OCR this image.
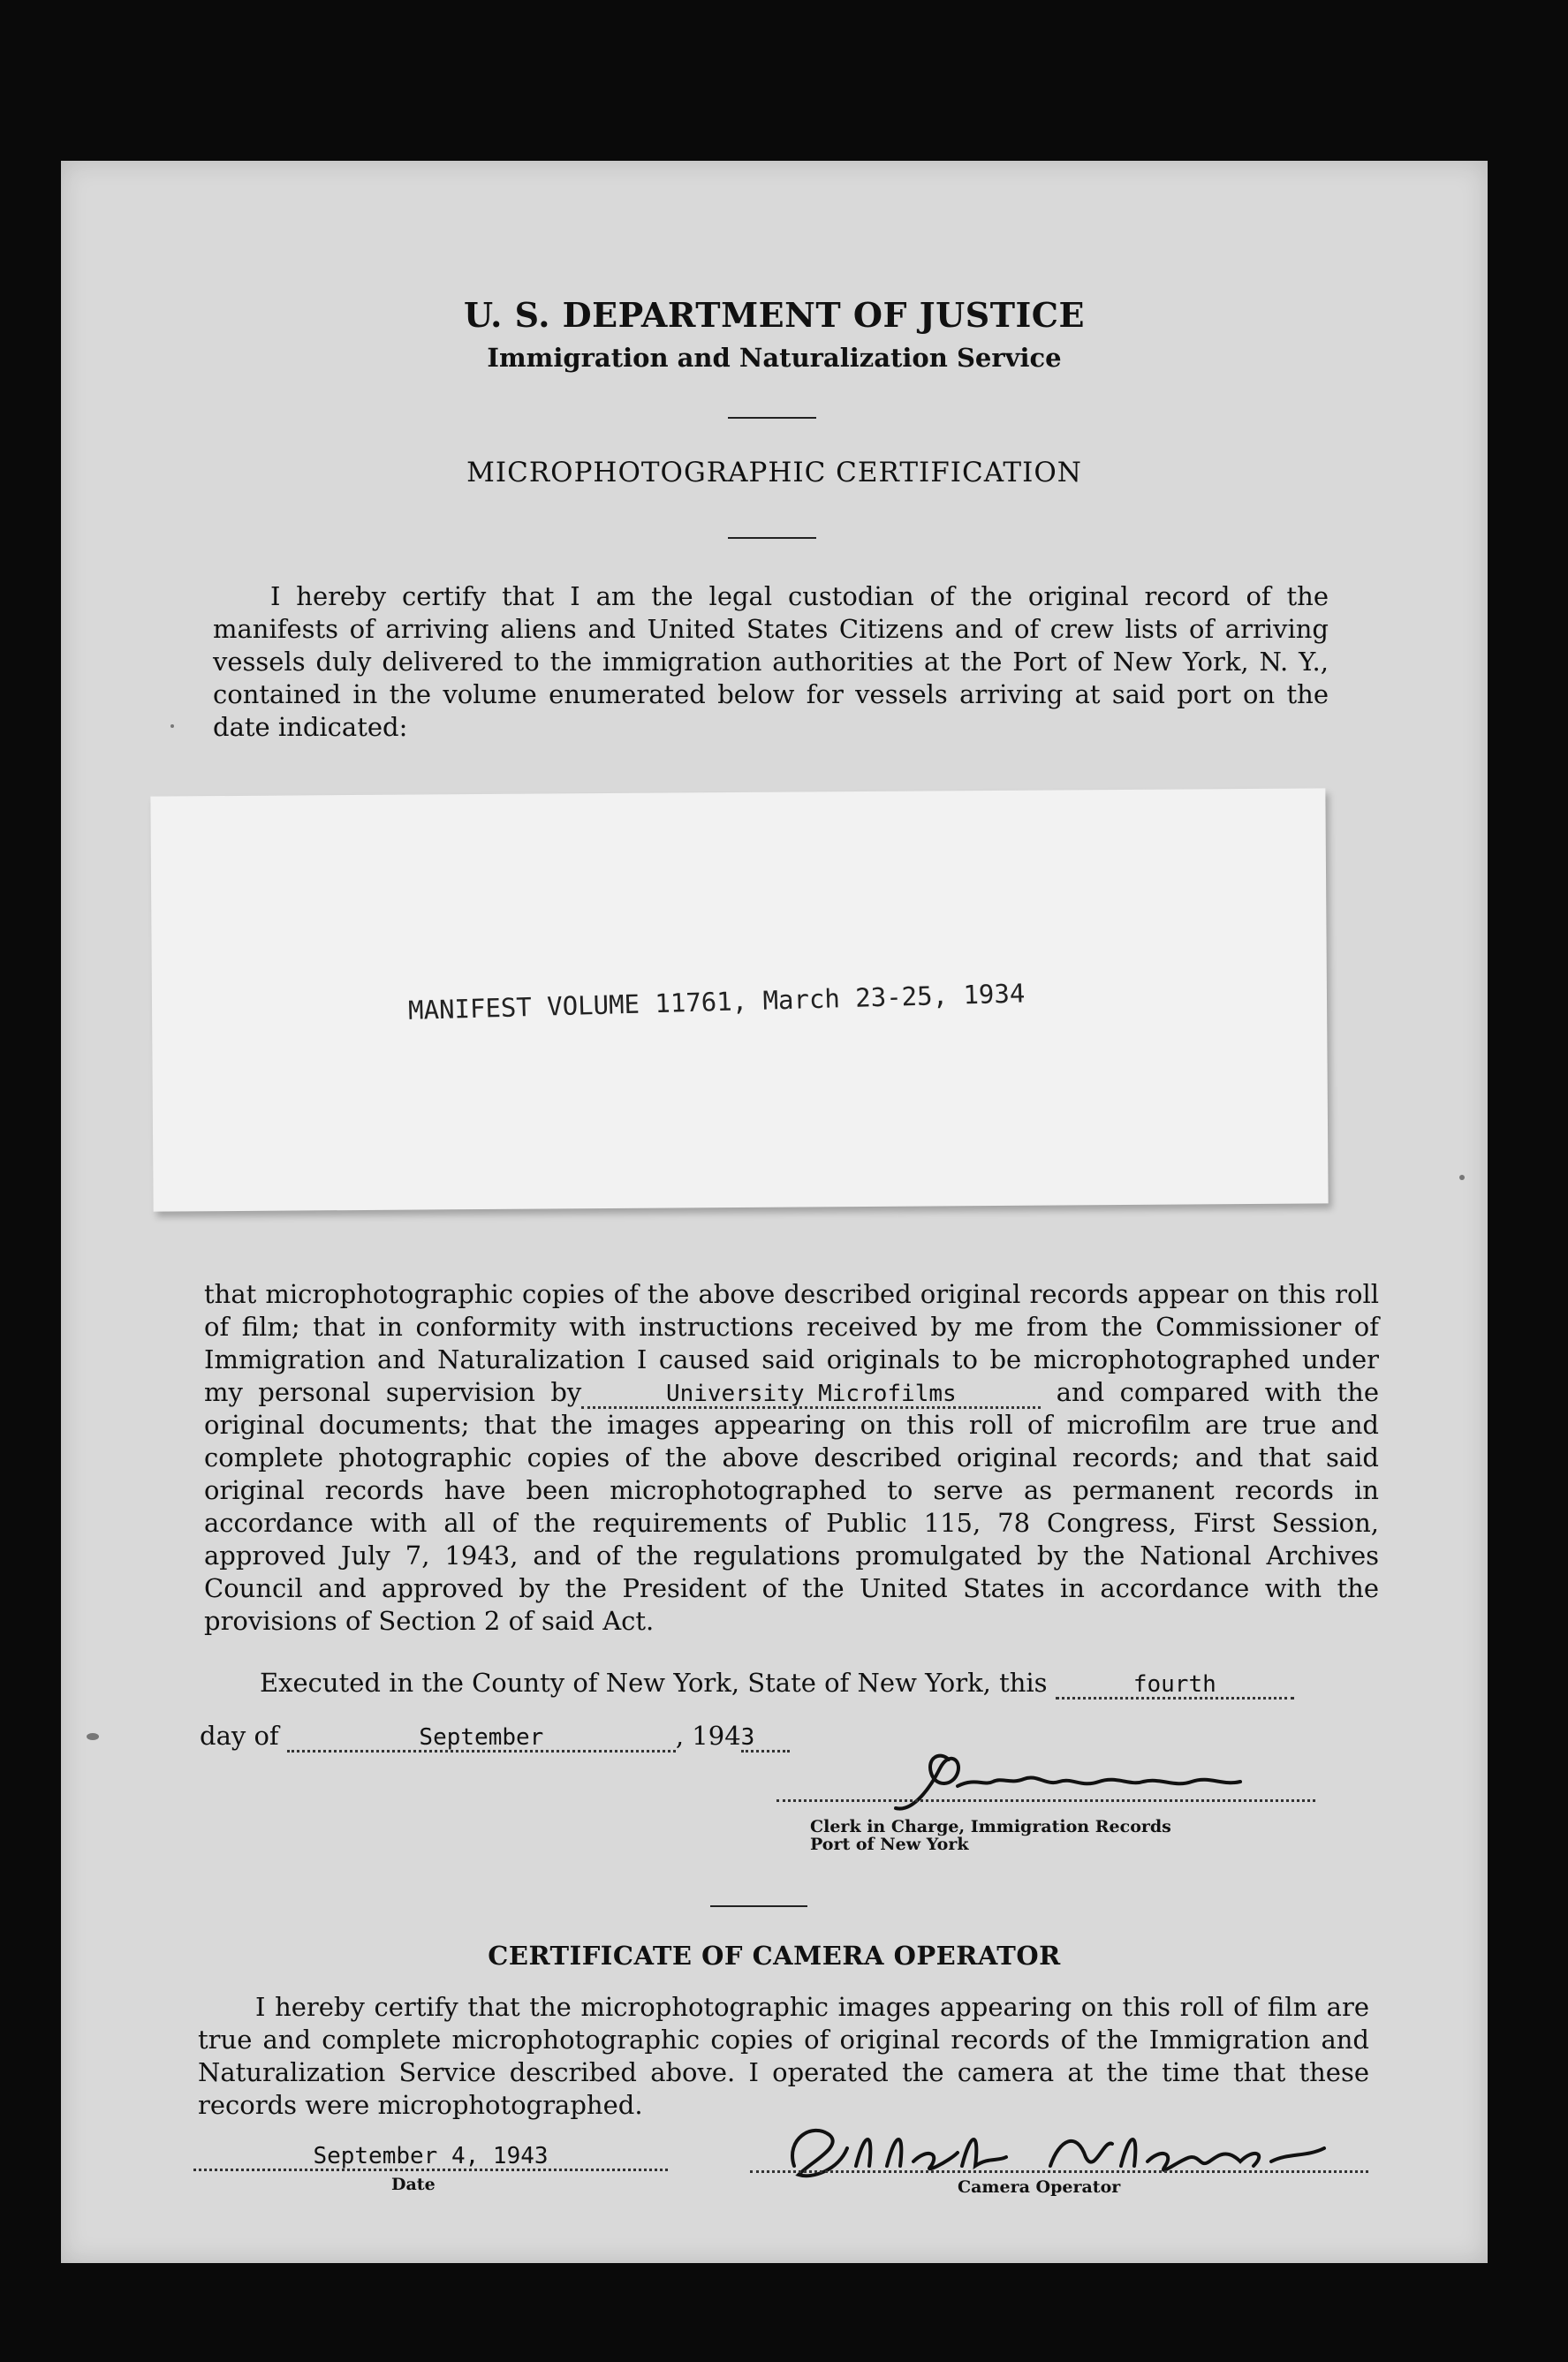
U. S. DEPARTMENT OF JUSTICE
Immigration and Naturalization Service
MICROPHOTOGRAPHIC CERTIFICATION

I hereby certify that I am the legal custodian of the original record of the manifests of arriving aliens and United States Citizens and of crew lists of arriving vessels duly delivered to the immigration authorities at the Port of New York, N. Y., contained in the volume enumerated below for vessels arriving at said port on the date indicated:

MANIFEST VOLUME 11761, March 23-25, 1934

that microphotographic copies of the above described original records appear on this roll of film; that in conformity with instructions received by me from the Commissioner of Immigration and Naturalization I caused said originals to be microphotographed under my personal supervision by	University Microfilms	and compared with the original documents; that the images appearing on this roll of microfilm are true and complete photographic copies of the above described original records; and that said original records have been microphotographed to serve as permanent records in accordance with all of the requirements of Public 115, 78 Congress, First Session, approved July 7, 1943, and of the regulations promulgated by the National Archives Council and approved by the President of the United States in accordance with the provisions of Section 2 of said Act.

Executed in the County of New York, State of New York, this	fourth
day of	September	, 1943
Clerk in Charge, Immigration Records
Port of New York
CERTIFICATE OF CAMERA OPERATOR

I hereby certify that the microphotographic images appearing on this roll of film are true and complete microphotographic copies of original records of the Immigration and Naturalization Service described above. I operated the camera at the time that these records were microphotographed.

September 4, 1943
Date	Camera Operator
